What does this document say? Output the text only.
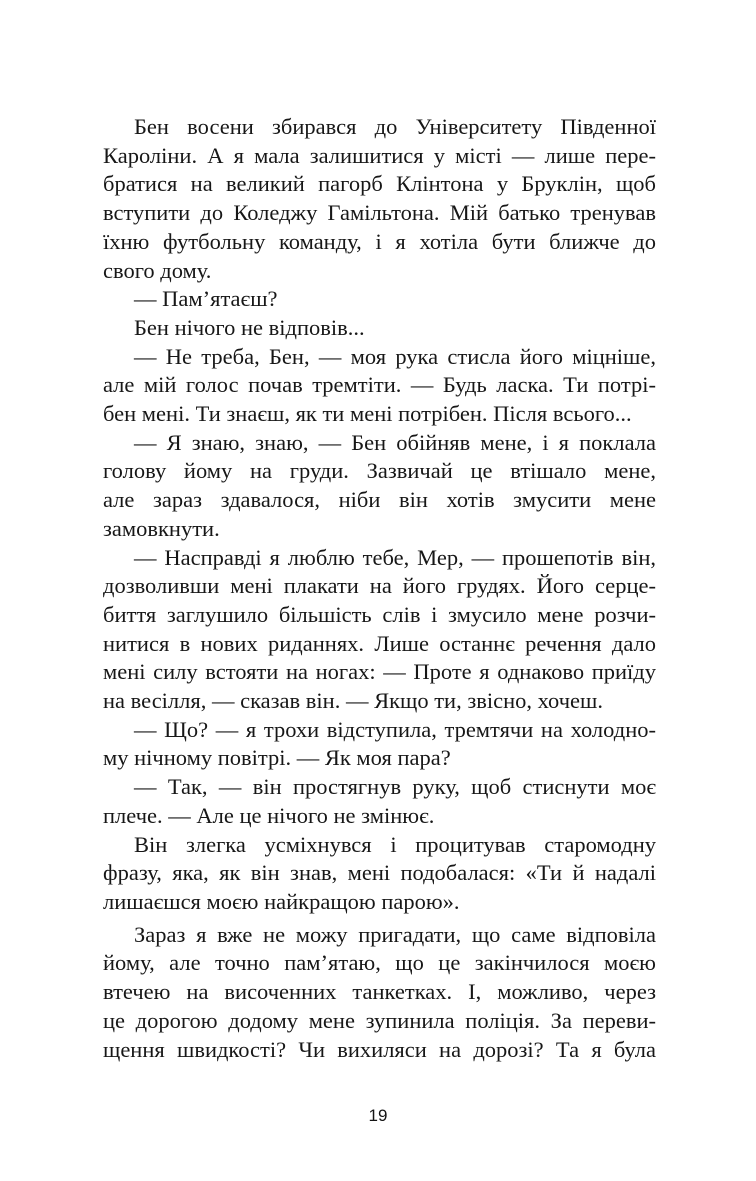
Бен восени збирався до Університету Південної
Кароліни. А я мала залишитися у місті — лише пере-
братися на великий пагорб Клінтона у Бруклін, щоб
вступити до Коледжу Гамільтона. Мій батько тренував
їхню футбольну команду, і я хотіла бути ближче до
свого дому.
— Пам’ятаєш?
Бен нічого не відповів...
— Не треба, Бен, — моя рука стисла його міцніше,
але мій голос почав тремтіти. — Будь ласка. Ти потрі-
бен мені. Ти знаєш, як ти мені потрібен. Після всього...
— Я знаю, знаю, — Бен обійняв мене, і я поклала
голову йому на груди. Зазвичай це втішало мене,
але зараз здавалося, ніби він хотів змусити мене
замовкнути.
— Насправді я люблю тебе, Мер, — прошепотів він,
дозволивши мені плакати на його грудях. Його серце-
биття заглушило більшість слів і змусило мене розчи-
нитися в нових риданнях. Лише останнє речення дало
мені силу встояти на ногах: — Проте я однаково приїду
на весілля, — сказав він. — Якщо ти, звісно, хочеш.
— Що? — я трохи відступила, тремтячи на холодно-
му нічному повітрі. — Як моя пара?
— Так, — він простягнув руку, щоб стиснути моє
плече. — Але це нічого не змінює.
Він злегка усміхнувся і процитував старомодну
фразу, яка, як він знав, мені подобалася: «Ти й надалі
лишаєшся моєю найкращою парою».
Зараз я вже не можу пригадати, що саме відповіла
йому, але точно пам’ятаю, що це закінчилося моєю
втечею на височенних танкетках. І, можливо, через
це дорогою додому мене зупинила поліція. За переви-
щення швидкості? Чи вихиляси на дорозі? Та я була
19
